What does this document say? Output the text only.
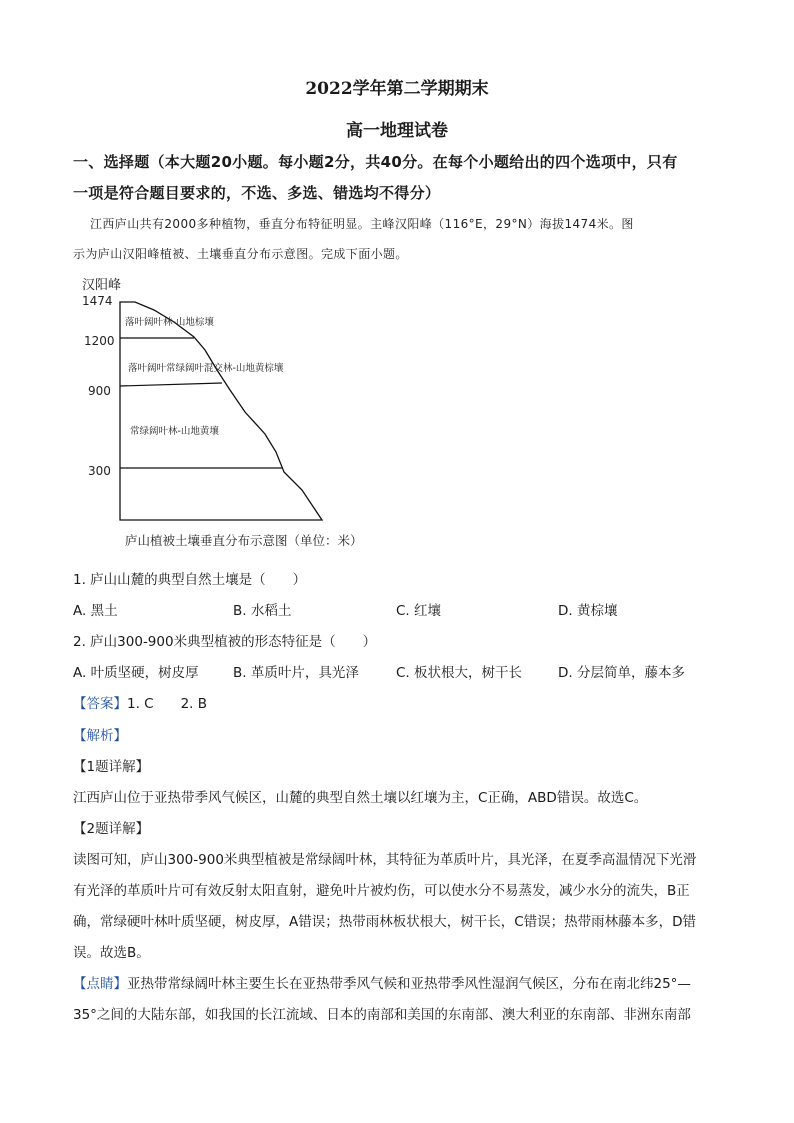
2022学年第二学期期末
高一地理试卷
一、选择题（本大题20小题。每小题2分，共40分。在每个小题给出的四个选项中，只有
一项是符合题目要求的，不选、多选、错选均不得分）
江西庐山共有2000多种植物，垂直分布特征明显。主峰汉阳峰（116°E，29°N）海拔1474米。图
示为庐山汉阳峰植被、土壤垂直分布示意图。完成下面小题。
汉阳峰
1474
1200
900
300
落叶阔叶林-山地棕壤
落叶阔叶常绿阔叶混交林-山地黄棕壤
常绿阔叶林-山地黄壤
庐山植被土壤垂直分布示意图（单位：米）
1. 庐山山麓的典型自然土壤是（　　）
A. 黑土	B. 水稻土	C. 红壤	D. 黄棕壤
2. 庐山300-900米典型植被的形态特征是（　　）
A. 叶质坚硬，树皮厚	B. 革质叶片，具光泽	C. 板状根大，树干长	D. 分层简单，藤本多
【答案】1. C　　2. B
【解析】
【1题详解】
江西庐山位于亚热带季风气候区，山麓的典型自然土壤以红壤为主，C正确，ABD错误。故选C。
【2题详解】
读图可知，庐山300-900米典型植被是常绿阔叶林，其特征为革质叶片，具光泽，在夏季高温情况下光滑
有光泽的革质叶片可有效反射太阳直射，避免叶片被灼伤，可以使水分不易蒸发，减少水分的流失，B正
确，常绿硬叶林叶质坚硬，树皮厚，A错误；热带雨林板状根大，树干长，C错误；热带雨林藤本多，D错
误。故选B。
【点睛】亚热带常绿阔叶林主要生长在亚热带季风气候和亚热带季风性湿润气候区，分布在南北纬25°—
35°之间的大陆东部，如我国的长江流域、日本的南部和美国的东南部、澳大利亚的东南部、非洲东南部
